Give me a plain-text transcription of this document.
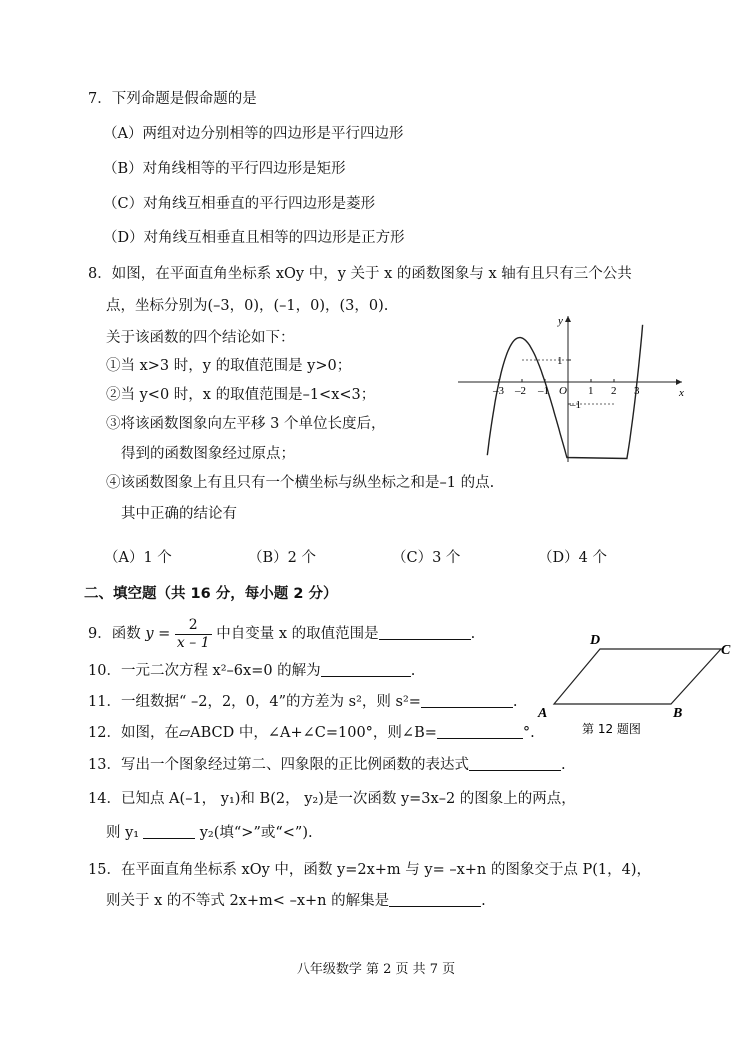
7．下列命题是假命题的是
（A）两组对边分别相等的四边形是平行四边形
（B）对角线相等的平行四边形是矩形
（C）对角线互相垂直的平行四边形是菱形
（D）对角线互相垂直且相等的四边形是正方形
8．如图，在平面直角坐标系 xOy 中，y 关于 x 的函数图象与 x 轴有且只有三个公共
点，坐标分别为(–3，0)，(–1，0)，(3，0).
关于该函数的四个结论如下：
①当 x>3 时，y 的取值范围是 y>0；
②当 y<0 时，x 的取值范围是–1<x<3；
③将该函数图象向左平移 3 个单位长度后，
得到的函数图象经过原点；
④该函数图象上有且只有一个横坐标与纵坐标之和是–1 的点.
其中正确的结论有
（A）1 个	（B）2 个	（C）3 个	（D）4 个
y
x
O
–3 –2 –1	1 2 3
1
–1
二、填空题（共 16 分，每小题 2 分）
9．函数 $y = \frac{2}{x - 1}$ 中自变量 x 的取值范围是	.
10．一元二次方程 x²–6x=0 的解为	.
11．一组数据“ –2，2，0，4”的方差为 s²，则 s²=	.
12．如图，在▱ABCD 中，∠A+∠C=100°，则∠B=	°.
A	B
C
D
第 12 题图
13．写出一个图象经过第二、四象限的正比例函数的表达式	.
14．已知点 A(–1， y₁)和 B(2， y₂)是一次函数 y=3x–2 的图象上的两点，
则 y₁	y₂(填“>”或“<”).
15．在平面直角坐标系 xOy 中，函数 y=2x+m 与 y= –x+n 的图象交于点 P(1，4)，
则关于 x 的不等式 2x+m< –x+n 的解集是	.
八年级数学 第 2 页 共 7 页
